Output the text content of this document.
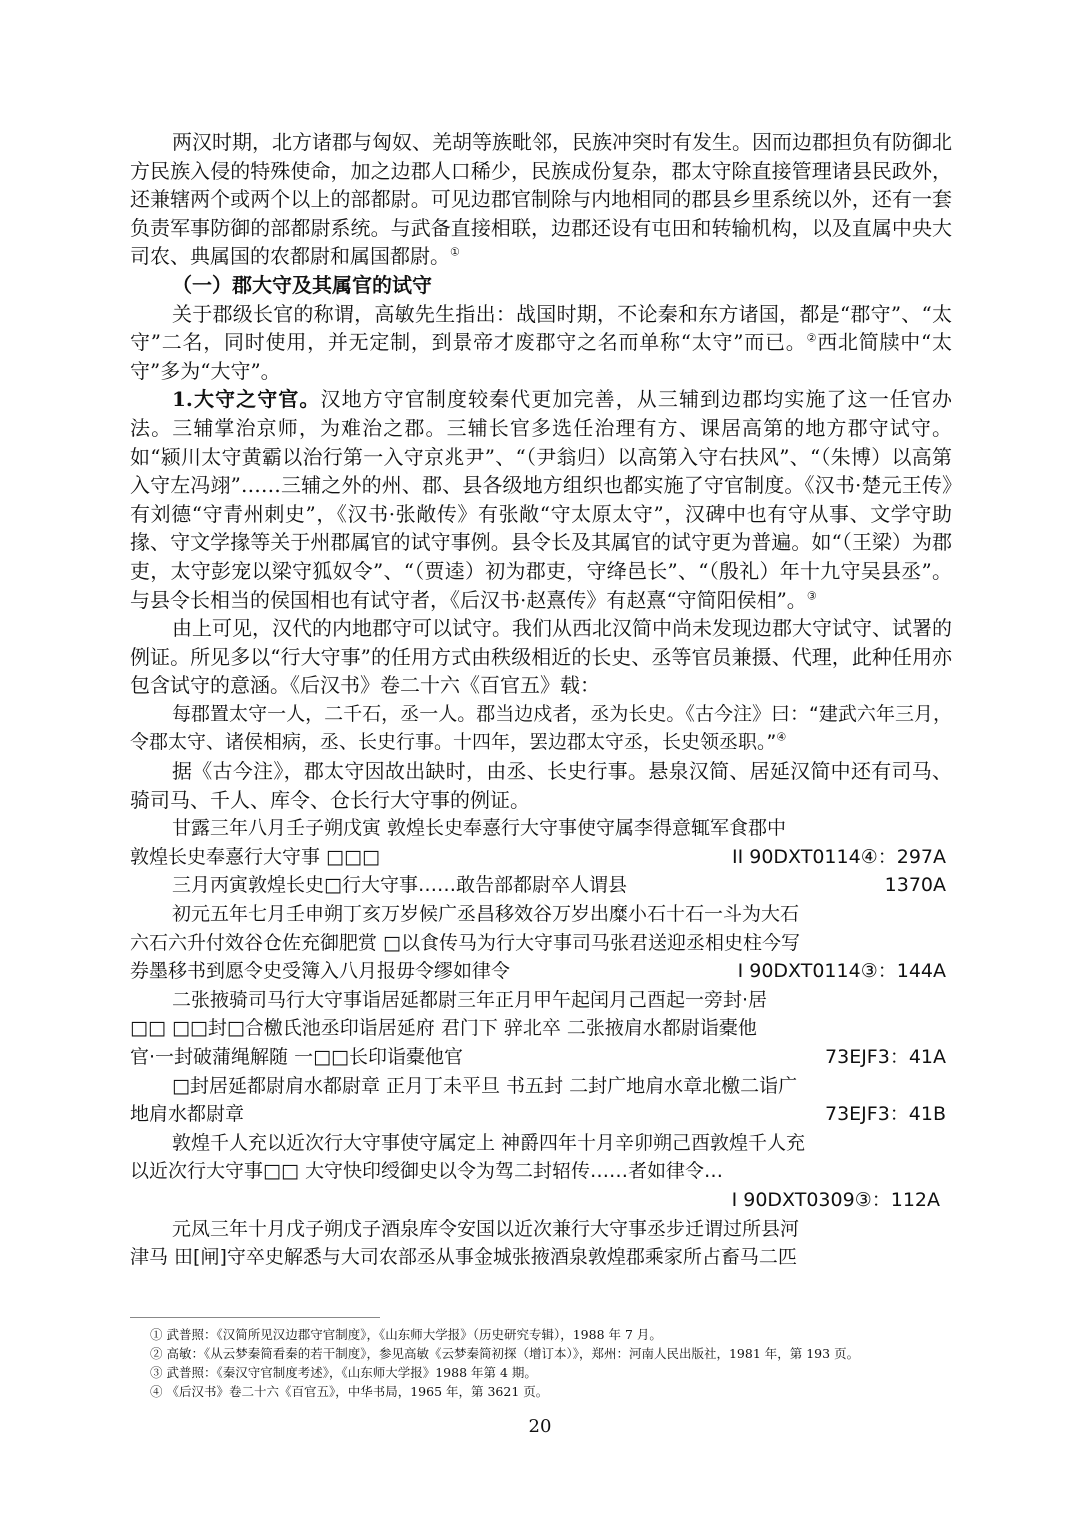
两汉时期，北方诸郡与匈奴、羌胡等族毗邻，民族冲突时有发生。因而边郡担负有防御北方民族入侵的特殊使命，加之边郡人口稀少，民族成份复杂，郡太守除直接管理诸县民政外，还兼辖两个或两个以上的部都尉。可见边郡官制除与内地相同的郡县乡里系统以外，还有一套负责军事防御的部都尉系统。与武备直接相联，边郡还设有屯田和转输机构，以及直属中央大司农、典属国的农都尉和属国都尉。①

（一）郡大守及其属官的试守

关于郡级长官的称谓，高敏先生指出：战国时期，不论秦和东方诸国，都是“郡守”、“太守”二名，同时使用，并无定制，到景帝才废郡守之名而单称“太守”而已。②西北简牍中“太守”多为“大守”。

1.大守之守官。汉地方守官制度较秦代更加完善，从三辅到边郡均实施了这一任官办法。三辅掌治京师，为难治之郡。三辅长官多选任治理有方、课居高第的地方郡守试守。如“颍川太守黄霸以治行第一入守京兆尹”、“（尹翁归）以高第入守右扶风”、“（朱博）以高第入守左冯翊”……三辅之外的州、郡、县各级地方组织也都实施了守官制度。《汉书·楚元王传》有刘德“守青州刺史”，《汉书·张敞传》有张敞“守太原太守”，汉碑中也有守从事、文学守助掾、守文学掾等关于州郡属官的试守事例。县令长及其属官的试守更为普遍。如“（王梁）为郡吏，太守彭宠以梁守狐奴令”、“（贾逵）初为郡吏，守绛邑长”、“（殷礼）年十九守吴县丞”。与县令长相当的侯国相也有试守者，《后汉书·赵熹传》有赵熹“守简阳侯相”。③

由上可见，汉代的内地郡守可以试守。我们从西北汉简中尚未发现边郡大守试守、试署的例证。所见多以“行大守事”的任用方式由秩级相近的长史、丞等官员兼摄、代理，此种任用亦包含试守的意涵。《后汉书》卷二十六《百官五》载：

每郡置太守一人，二千石，丞一人。郡当边戍者，丞为长史。《古今注》曰：“建武六年三月，令郡太守、诸侯相病，丞、长史行事。十四年，罢边郡太守丞，长史领丞职。”④

据《古今注》，郡太守因故出缺时，由丞、长史行事。悬泉汉简、居延汉简中还有司马、骑司马、千人、库令、仓长行大守事的例证。

甘露三年八月壬子朔戊寅 敦煌长史奉憙行大守事使守属李得意辄军食郡中
敦煌长史奉憙行大守事 □□□	II 90DXT0114④：297A
三月丙寅敦煌长史□行大守事……敢告部都尉卒人谓县	1370A
初元五年七月壬申朔丁亥万岁候广丞昌移效谷万岁出糜小石十石一斗为大石
六石六升付效谷仓佐充御肥赏 □以食传马为行大守事司马张君送迎丞相史柱今写
券墨移书到愿令史受簿入八月报毋令缪如律令	I 90DXT0114③：144A
二张掖骑司马行大守事诣居延都尉三年正月甲午起闰月己酉起一旁封·居
□□ □□封□合檄氏池丞印诣居延府 君门下 骍北卒 二张掖肩水都尉诣橐他
官·一封破蒲绳解随 一□□长印诣橐他官	73EJF3：41A
□封居延都尉肩水都尉章 正月丁未平旦 书五封 二封广地肩水章北檄二诣广
地肩水都尉章	73EJF3：41B
敦煌千人充以近次行大守事使守属定上 神爵四年十月辛卯朔己酉敦煌千人充
以近次行大守事□□ 大守快印绶御史以令为驾二封轺传……者如律令…
I 90DXT0309③：112A
元凤三年十月戊子朔戊子酒泉库令安国以近次兼行大守事丞步迁谓过所县河
津马 田[闸]守卒史解悉与大司农部丞从事金城张掖酒泉敦煌郡乘家所占畜马二匹

① 武普照：《汉简所见汉边郡守官制度》，《山东师大学报》（历史研究专辑），1988 年 7 月。

② 高敏：《从云梦秦简看秦的若干制度》，参见高敏《云梦秦简初探（增订本）》，郑州：河南人民出版社，1981 年，第 193 页。

③ 武普照：《秦汉守官制度考述》，《山东师大学报》1988 年第 4 期。

④ 《后汉书》卷二十六《百官五》，中华书局，1965 年，第 3621 页。

20
